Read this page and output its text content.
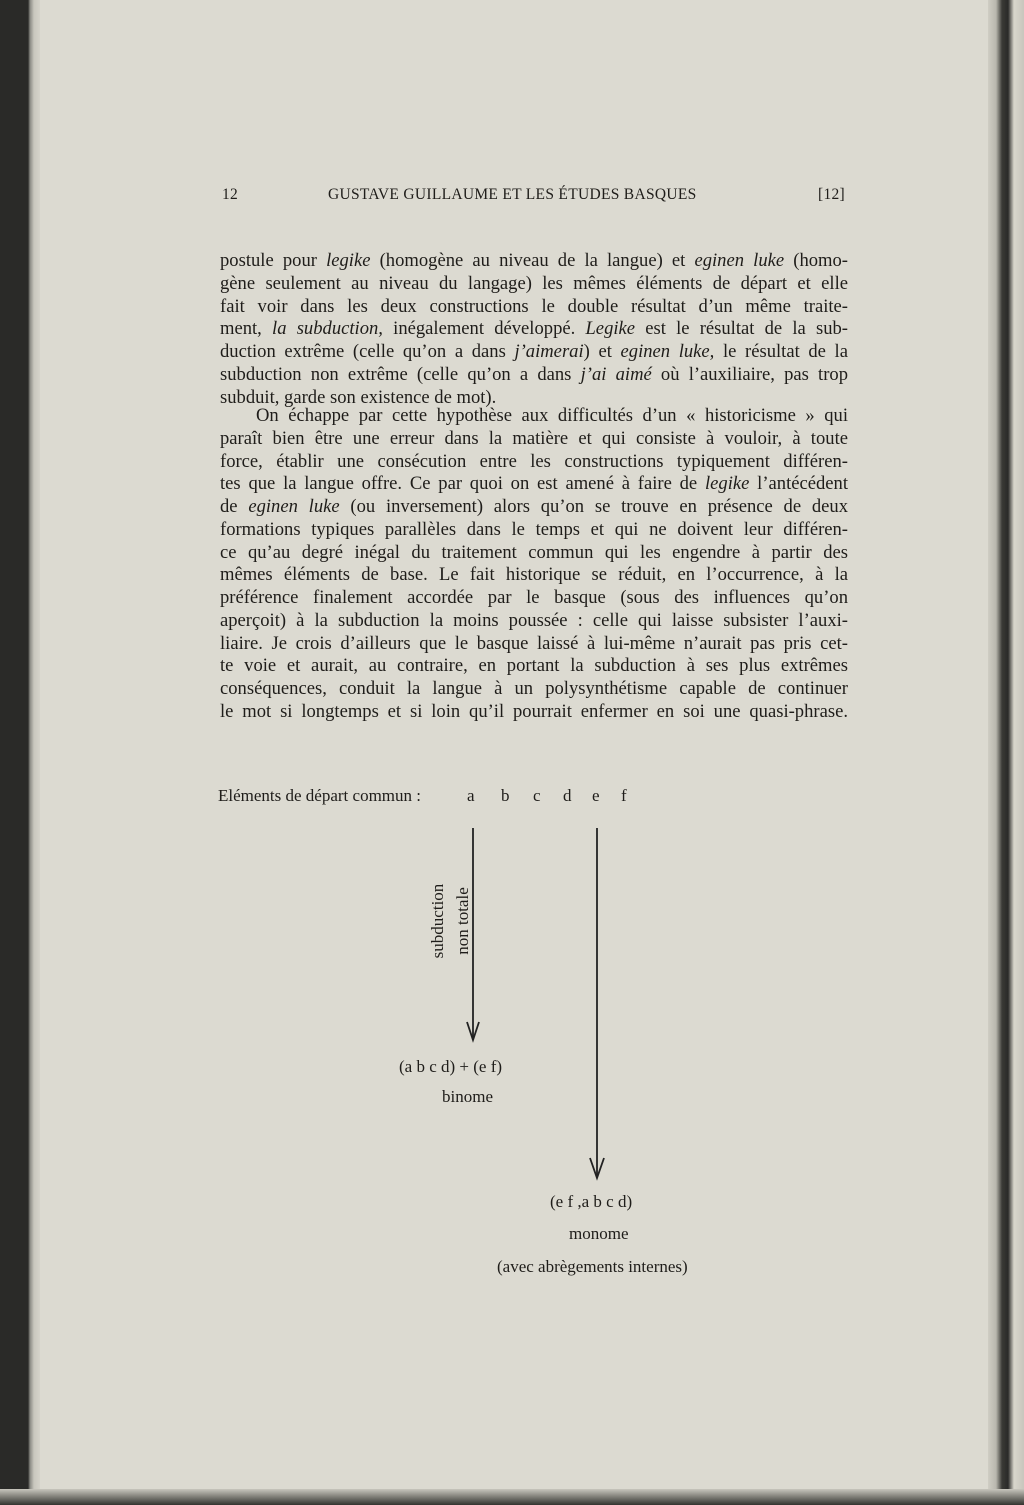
12	GUSTAVE GUILLAUME ET LES ÉTUDES BASQUES	[12]
postule pour legike (homogène au niveau de la langue) et eginen luke (homo-
gène seulement au niveau du langage) les mêmes éléments de départ et elle
fait voir dans les deux constructions le double résultat d’un même traite-
ment, la subduction, inégalement développé. Legike est le résultat de la sub-
duction extrême (celle qu’on a dans j’aimerai) et eginen luke, le résultat de la
subduction non extrême (celle qu’on a dans j’ai aimé où l’auxiliaire, pas trop
subduit, garde son existence de mot).
On échappe par cette hypothèse aux difficultés d’un « historicisme » qui
paraît bien être une erreur dans la matière et qui consiste à vouloir, à toute
force, établir une consécution entre les constructions typiquement différen-
tes que la langue offre. Ce par quoi on est amené à faire de legike l’antécédent
de eginen luke (ou inversement) alors qu’on se trouve en présence de deux
formations typiques parallèles dans le temps et qui ne doivent leur différen-
ce qu’au degré inégal du traitement commun qui les engendre à partir des
mêmes éléments de base. Le fait historique se réduit, en l’occurrence, à la
préférence finalement accordée par le basque (sous des influences qu’on
aperçoit) à la subduction la moins poussée : celle qui laisse subsister l’auxi-
liaire. Je crois d’ailleurs que le basque laissé à lui-même n’aurait pas pris cet-
te voie et aurait, au contraire, en portant la subduction à ses plus extrêmes
conséquences, conduit la langue à un polysynthétisme capable de continuer
le mot si longtemps et si loin qu’il pourrait enfermer en soi une quasi-phrase.
Eléments de départ commun :	a b c d e f
subduction non totale
(a b c d) + (e f)
binome
(e f ,a b c d)
monome
(avec abrègements internes)
